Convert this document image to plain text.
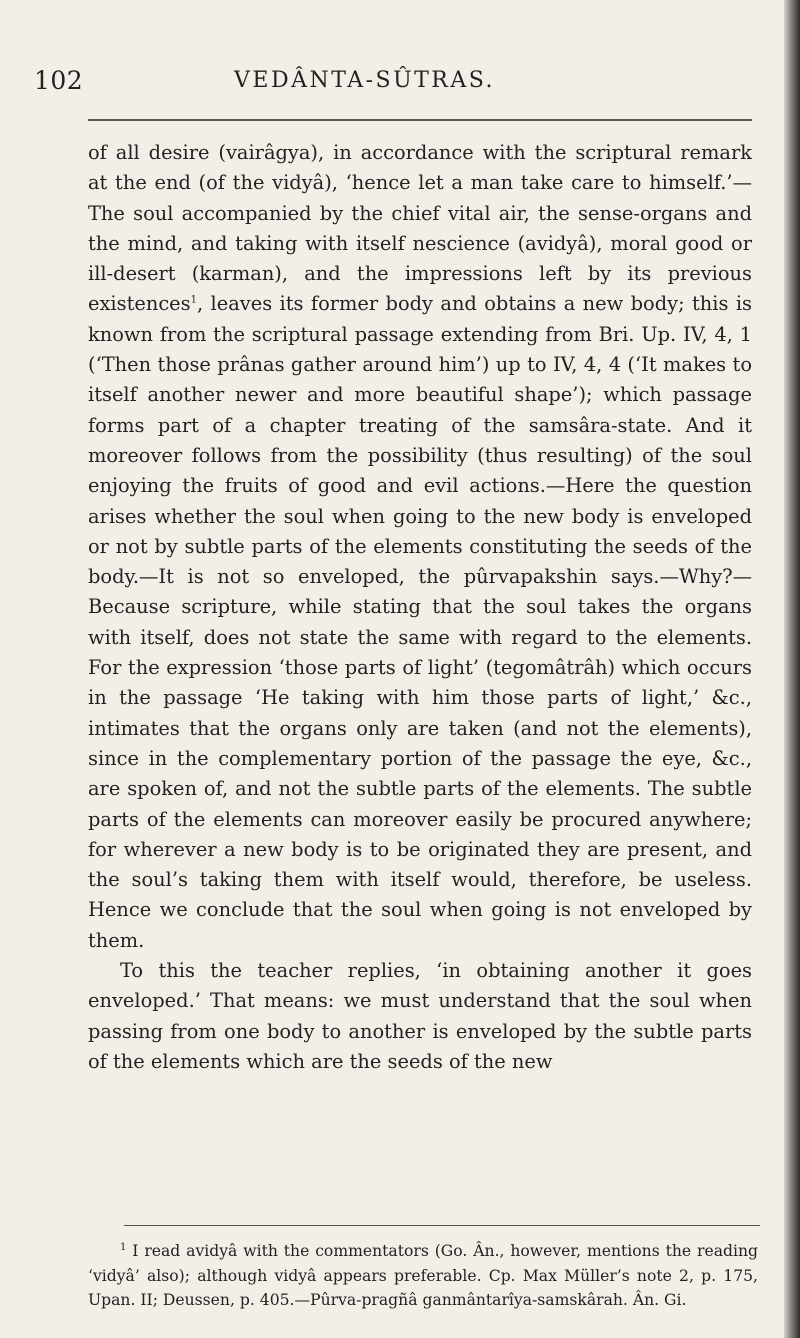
102	VEDÂNTA-SÛTRAS.

of all desire (vairâgya), in accordance with the scriptural remark at the end (of the vidyâ), ‘hence let a man take care to himself.’—The soul accompanied by the chief vital air, the sense-organs and the mind, and taking with itself nescience (avidyâ), moral good or ill-desert (karman), and the impressions left by its previous existences$^1$, leaves its former body and obtains a new body; this is known from the scriptural passage extending from Bri. Up. IV, 4, 1 (‘Then those prânas gather around him’) up to IV, 4, 4 (‘It makes to itself another newer and more beautiful shape’); which passage forms part of a chapter treating of the samsâra-state. And it moreover follows from the possibility (thus resulting) of the soul enjoying the fruits of good and evil actions.—Here the question arises whether the soul when going to the new body is enveloped or not by subtle parts of the elements constituting the seeds of the body.—It is not so enveloped, the pûrvapakshin says.—Why?—Because scripture, while stating that the soul takes the organs with itself, does not state the same with regard to the elements. For the expression ‘those parts of light’ (tegomâtrâh) which occurs in the passage ‘He taking with him those parts of light,’ &c., intimates that the organs only are taken (and not the elements), since in the complementary portion of the passage the eye, &c., are spoken of, and not the subtle parts of the elements. The subtle parts of the elements can moreover easily be procured anywhere; for wherever a new body is to be originated they are present, and the soul’s taking them with itself would, therefore, be useless. Hence we conclude that the soul when going is not enveloped by them.

To this the teacher replies, ‘in obtaining another it goes enveloped.’ That means: we must understand that the soul when passing from one body to another is enveloped by the subtle parts of the elements which are the seeds of the new

$^1$ I read avidyâ with the commentators (Go. Ân., however, mentions the reading ‘vidyâ’ also); although vidyâ appears preferable. Cp. Max Müller’s note 2, p. 175, Upan. II; Deussen, p. 405.—Pûrva-pragñâ ganmântarîya-samskârah. Ân. Gi.
